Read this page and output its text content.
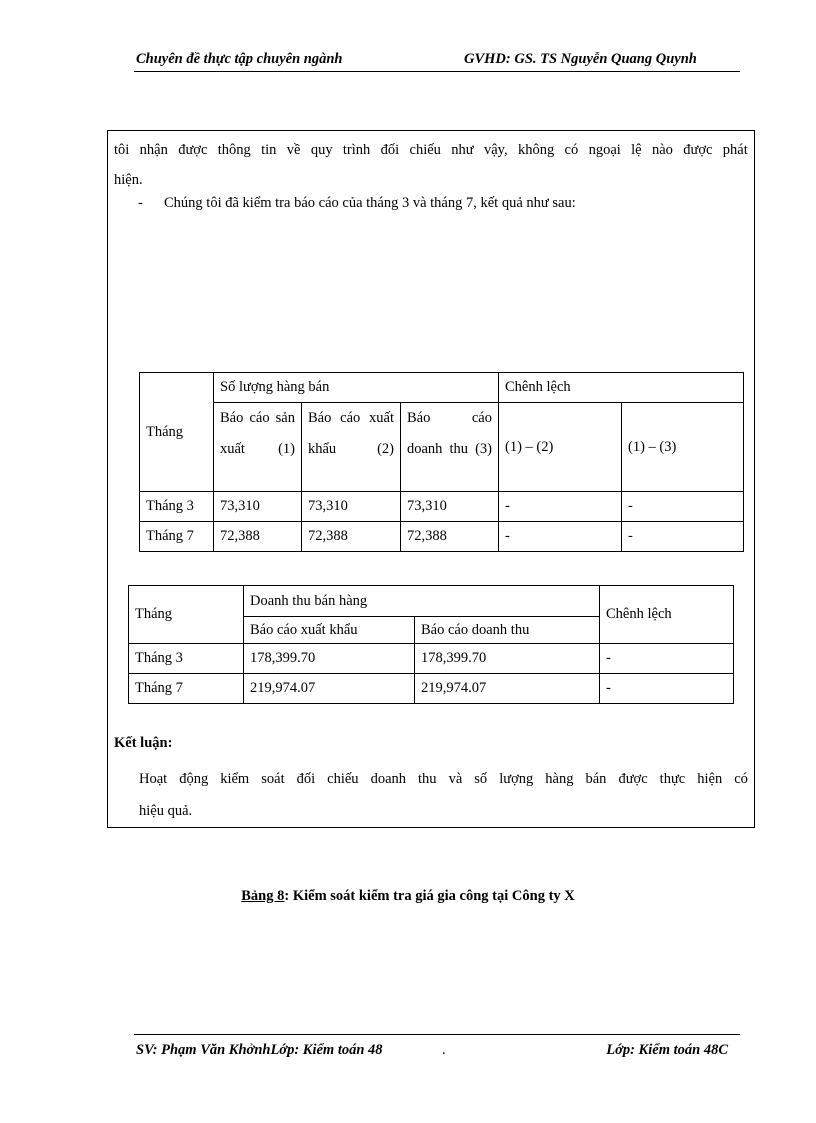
Chuyên đề thực tập chuyên ngành	GVHD: GS. TS Nguyễn Quang Quynh
tôi nhận được thông tin về quy trình đối chiếu như vậy, không có ngoại lệ nào được phát
hiện.
- Chúng tôi đã kiểm tra báo cáo của tháng 3 và tháng 7, kết quả như sau:
Tháng	Số lượng hàng bán			Chênh lệch	
	Báo cáo sản xuất (1)	Báo cáo xuất khẩu (2)	Báo cáo doanh thu (3)	(1) – (2)	(1) – (3)
Tháng 3	73,310	73,310	73,310	-	-
Tháng 7	72,388	72,388	72,388	-	-
Tháng	Doanh thu bán hàng		Chênh lệch
	Báo cáo xuất khẩu	Báo cáo doanh thu	
Tháng 3	178,399.70	178,399.70	-
Tháng 7	219,974.07	219,974.07	-
Kết luận:
Hoạt động kiểm soát đối chiếu doanh thu và số lượng hàng bán được thực hiện có
hiệu quả.
Bảng 8: Kiểm soát kiểm tra giá gia công tại Công ty X
SV: Phạm Văn KhởnhLớp: Kiểm toán 48	.	Lớp: Kiểm toán 48C
